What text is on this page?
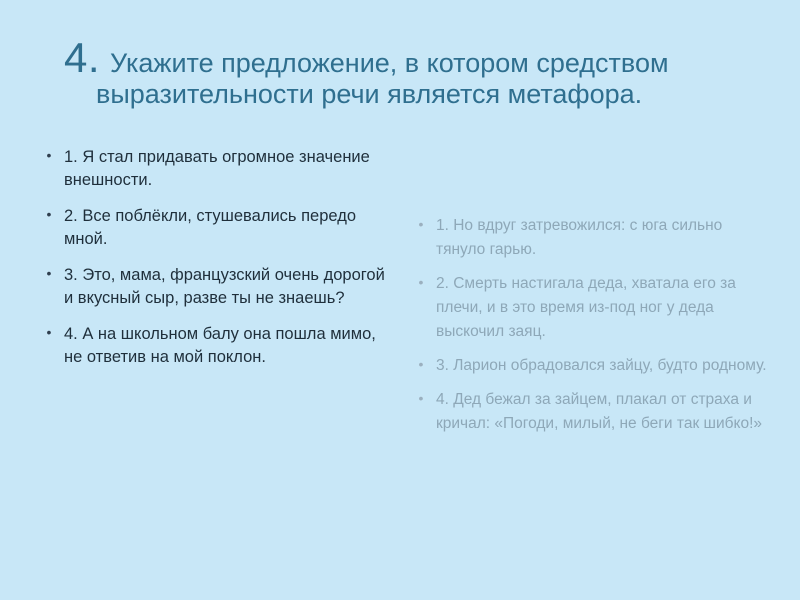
4. Укажите предложение, в котором средством
выразительности речи является метафора.
• 1. Я стал придавать огромное значение внешности.
• 2. Все поблёкли, стушевались передо мной.
• 3. Это, мама, французский очень дорогой и вкусный сыр, разве ты не знаешь?
• 4. А на школьном балу она пошла мимо, не ответив на мой поклон.
• 1. Но вдруг затревожился: с юга сильно тянуло гарью.
• 2. Смерть настигала деда, хватала его за плечи, и в это время из-под ног у деда выскочил заяц.
• 3. Ларион обрадовался зайцу, будто родному.
• 4. Дед бежал за зайцем, плакал от страха и кричал: «Погоди, милый, не беги так шибко!»
